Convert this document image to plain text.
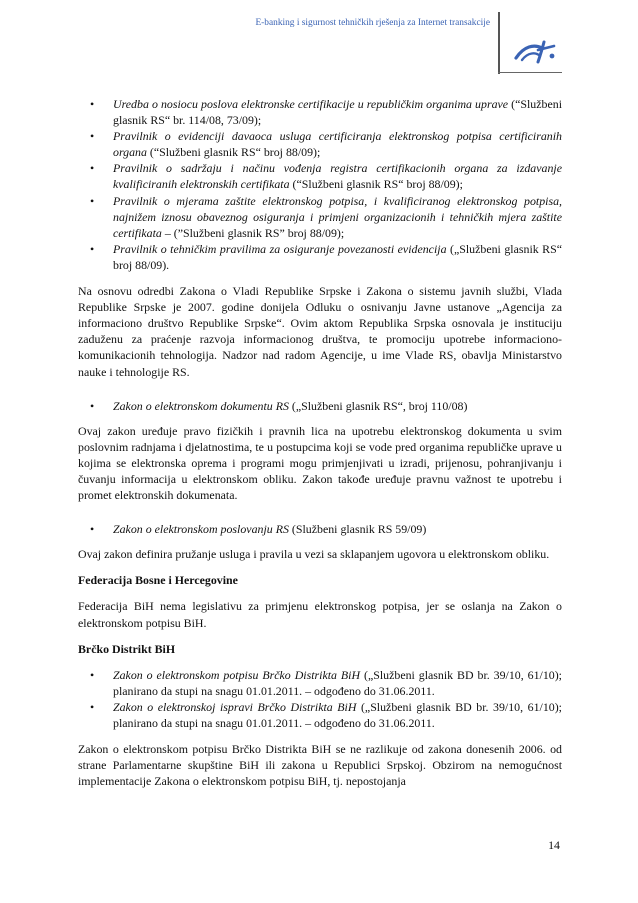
E-banking i sigurnost tehničkih rješenja za Internet transakcije
• Uredba o nosiocu poslova elektronske certifikacije u republičkim organima uprave (“Službeni glasnik RS“ br. 114/08, 73/09);
• Pravilnik o evidenciji davaoca usluga certificiranja elektronskog potpisa certificiranih organa (“Službeni glasnik RS“ broj 88/09);
• Pravilnik o sadržaju i načinu vođenja registra certifikacionih organa za izdavanje kvalificiranih elektronskih certifikata (“Službeni glasnik RS“ broj 88/09);
• Pravilnik o mjerama zaštite elektronskog potpisa, i kvalificiranog elektronskog potpisa, najnižem iznosu obaveznog osiguranja i primjeni organizacionih i tehničkih mjera zaštite certifikata – (”Službeni glasnik RS” broj 88/09);
• Pravilnik o tehničkim pravilima za osiguranje povezanosti evidencija („Službeni glasnik RS“ broj 88/09).

Na osnovu odredbi Zakona o Vladi Republike Srpske i Zakona o sistemu javnih službi, Vlada Republike Srpske je 2007. godine donijela Odluku o osnivanju Javne ustanove „Agencija za informaciono društvo Republike Srpske“. Ovim aktom Republika Srpska osnovala je instituciju zaduženu za praćenje razvoja informacionog društva, te promociju upotrebe informaciono-komunikacionih tehnologija. Nadzor nad radom Agencije, u ime Vlade RS, obavlja Ministarstvo nauke i tehnologije RS.

• Zakon o elektronskom dokumentu RS („Službeni glasnik RS“, broj 110/08)

Ovaj zakon uređuje pravo fizičkih i pravnih lica na upotrebu elektronskog dokumenta u svim poslovnim radnjama i djelatnostima, te u postupcima koji se vode pred organima republičke uprave u kojima se elektronska oprema i programi mogu primjenjivati u izradi, prijenosu, pohranjivanju i čuvanju informacija u elektronskom obliku. Zakon takođe uređuje pravnu važnost te upotrebu i promet elektronskih dokumenata.

• Zakon o elektronskom poslovanju RS (Službeni glasnik RS 59/09)

Ovaj zakon definira pružanje usluga i pravila u vezi sa sklapanjem ugovora u elektronskom obliku.

Federacija Bosne i Hercegovine

Federacija BiH nema legislativu za primjenu elektronskog potpisa, jer se oslanja na Zakon o elektronskom potpisu BiH.

Brčko Distrikt BiH

• Zakon o elektronskom potpisu Brčko Distrikta BiH („Službeni glasnik BD br. 39/10, 61/10); planirano da stupi na snagu 01.01.2011. – odgođeno do 31.06.2011.
• Zakon o elektronskoj ispravi Brčko Distrikta BiH („Službeni glasnik BD br. 39/10, 61/10); planirano da stupi na snagu 01.01.2011. – odgođeno do 31.06.2011.

Zakon o elektronskom potpisu Brčko Distrikta BiH se ne razlikuje od zakona donesenih 2006. od strane Parlamentarne skupštine BiH ili zakona u Republici Srpskoj. Obzirom na nemogućnost implementacije Zakona o elektronskom potpisu BiH, tj. nepostojanja

14
